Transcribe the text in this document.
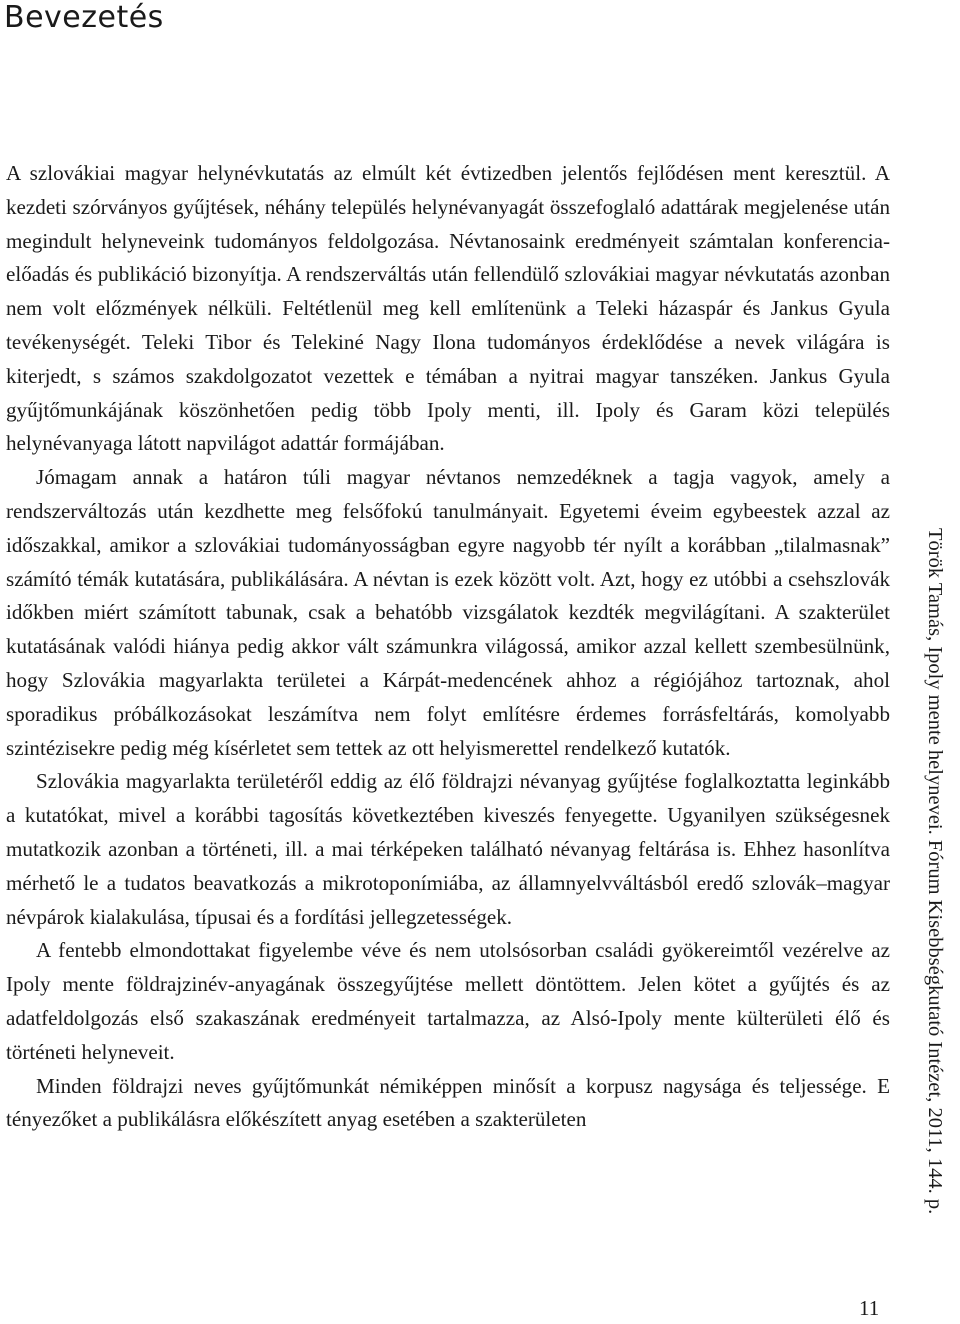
Bevezetés

A szlovákiai magyar helynévkutatás az elmúlt két évtizedben jelentős fejlődésen ment keresztül. A kezdeti szórványos gyűjtések, néhány település helynévanyagát összefoglaló adattárak megjelenése után megindult helyneveink tudományos feldolgozása. Névtanosaink eredményeit számtalan konferencia-előadás és publikáció bizonyítja. A rendszerváltás után fellendülő szlovákiai magyar névkutatás azonban nem volt előzmények nélküli. Feltétlenül meg kell említenünk a Teleki házaspár és Jankus Gyula tevékenységét. Teleki Tibor és Telekiné Nagy Ilona tudományos érdeklődése a nevek világára is kiterjedt, s számos szakdolgozatot vezettek e témában a nyitrai magyar tanszéken. Jankus Gyula gyűjtőmunkájának köszönhetően pedig több Ipoly menti, ill. Ipoly és Garam közi település helynévanyaga látott napvilágot adattár formájában.

Jómagam annak a határon túli magyar névtanos nemzedéknek a tagja vagyok, amely a rendszerváltozás után kezdhette meg felsőfokú tanulmányait. Egyetemi éveim egybeestek azzal az időszakkal, amikor a szlovákiai tudományosságban egyre nagyobb tér nyílt a korábban „tilalmasnak” számító témák kutatására, publikálására. A névtan is ezek között volt. Azt, hogy ez utóbbi a csehszlovák időkben miért számított tabunak, csak a behatóbb vizsgálatok kezdték megvilágítani. A szakterület kutatásának valódi hiánya pedig akkor vált számunkra világossá, amikor azzal kellett szembesülnünk, hogy Szlovákia magyarlakta területei a Kárpát-medencének ahhoz a régiójához tartoznak, ahol sporadikus próbálkozásokat leszámítva nem folyt említésre érdemes forrásfeltárás, komolyabb szintézisekre pedig még kísérletet sem tettek az ott helyismerettel rendelkező kutatók.

Szlovákia magyarlakta területéről eddig az élő földrajzi névanyag gyűjtése foglalkoztatta leginkább a kutatókat, mivel a korábbi tagosítás következtében kiveszés fenyegette. Ugyanilyen szükségesnek mutatkozik azonban a történeti, ill. a mai térképeken található névanyag feltárása is. Ehhez hasonlítva mérhető le a tudatos beavatkozás a mikrotoponímiába, az államnyelvváltásból eredő szlovák–magyar névpárok kialakulása, típusai és a fordítási jellegzetességek.

A fentebb elmondottakat figyelembe véve és nem utolsósorban családi gyökereimtől vezérelve az Ipoly mente földrajzinév-anyagának összegyűjtése mellett döntöttem. Jelen kötet a gyűjtés és az adatfeldolgozás első szakaszának eredményeit tartalmazza, az Alsó-Ipoly mente külterületi élő és történeti helyneveit.

Minden földrajzi neves gyűjtőmunkát némiképpen minősít a korpusz nagysága és teljessége. E tényezőket a publikálásra előkészített anyag esetében a szakterületen	Török Tamás, Ipoly mente helynevei. Fórum Kisebbségkutató Intézet, 2011, 144. p.
11
